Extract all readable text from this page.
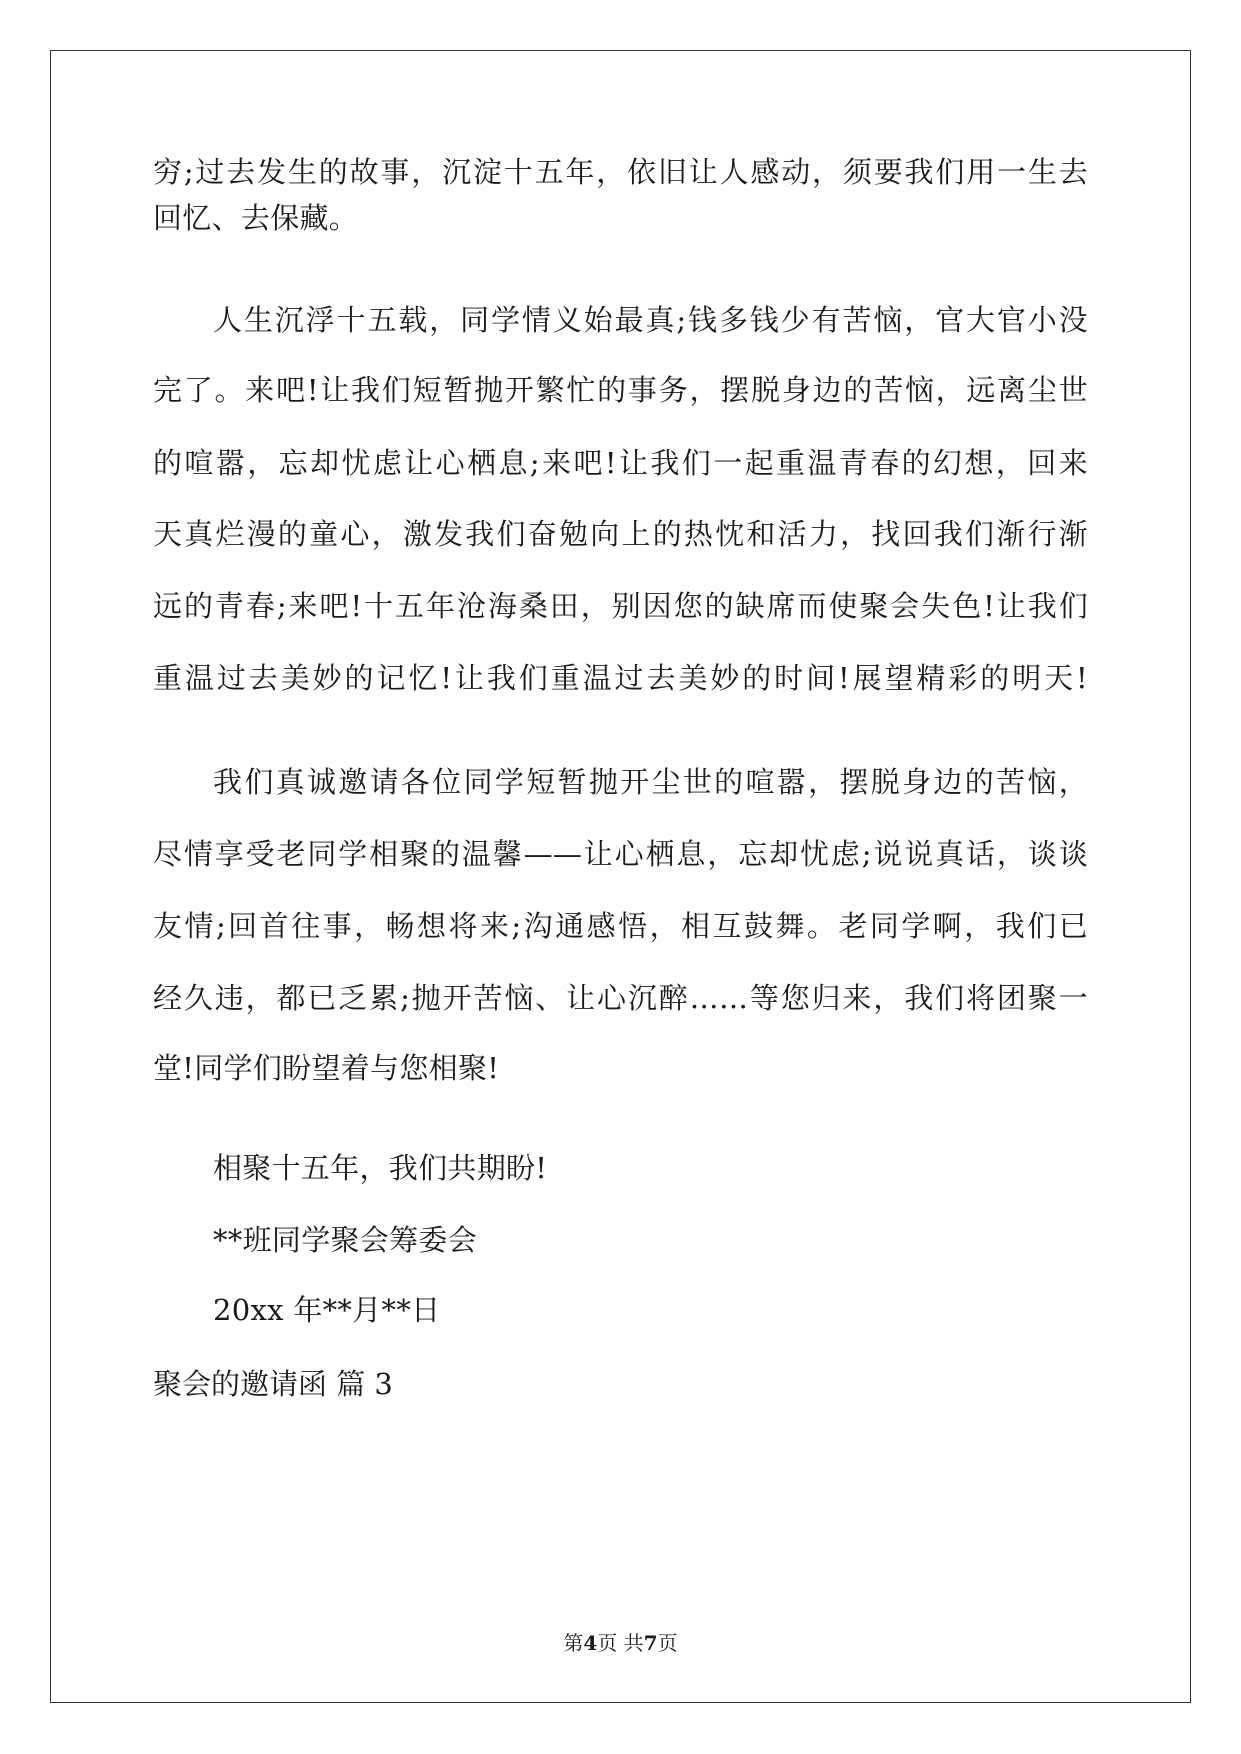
穷;过去发生的故事，沉淀十五年，依旧让人感动，须要我们用一生去
回忆、去保藏。
人生沉浮十五载，同学情义始最真;钱多钱少有苦恼，官大官小没
完了。来吧!让我们短暂抛开繁忙的事务，摆脱身边的苦恼，远离尘世
的喧嚣，忘却忧虑让心栖息;来吧!让我们一起重温青春的幻想，回来
天真烂漫的童心，激发我们奋勉向上的热忱和活力，找回我们渐行渐
远的青春;来吧!十五年沧海桑田，别因您的缺席而使聚会失色!让我们
重温过去美妙的记忆!让我们重温过去美妙的时间!展望精彩的明天!
我们真诚邀请各位同学短暂抛开尘世的喧嚣，摆脱身边的苦恼，
尽情享受老同学相聚的温馨——让心栖息，忘却忧虑;说说真话，谈谈
友情;回首往事，畅想将来;沟通感悟，相互鼓舞。老同学啊，我们已
经久违，都已乏累;抛开苦恼、让心沉醉……等您归来，我们将团聚一
堂!同学们盼望着与您相聚!
相聚十五年，我们共期盼!
**班同学聚会筹委会
20xx 年**月**日
聚会的邀请函 篇 3
第4页 共7页
